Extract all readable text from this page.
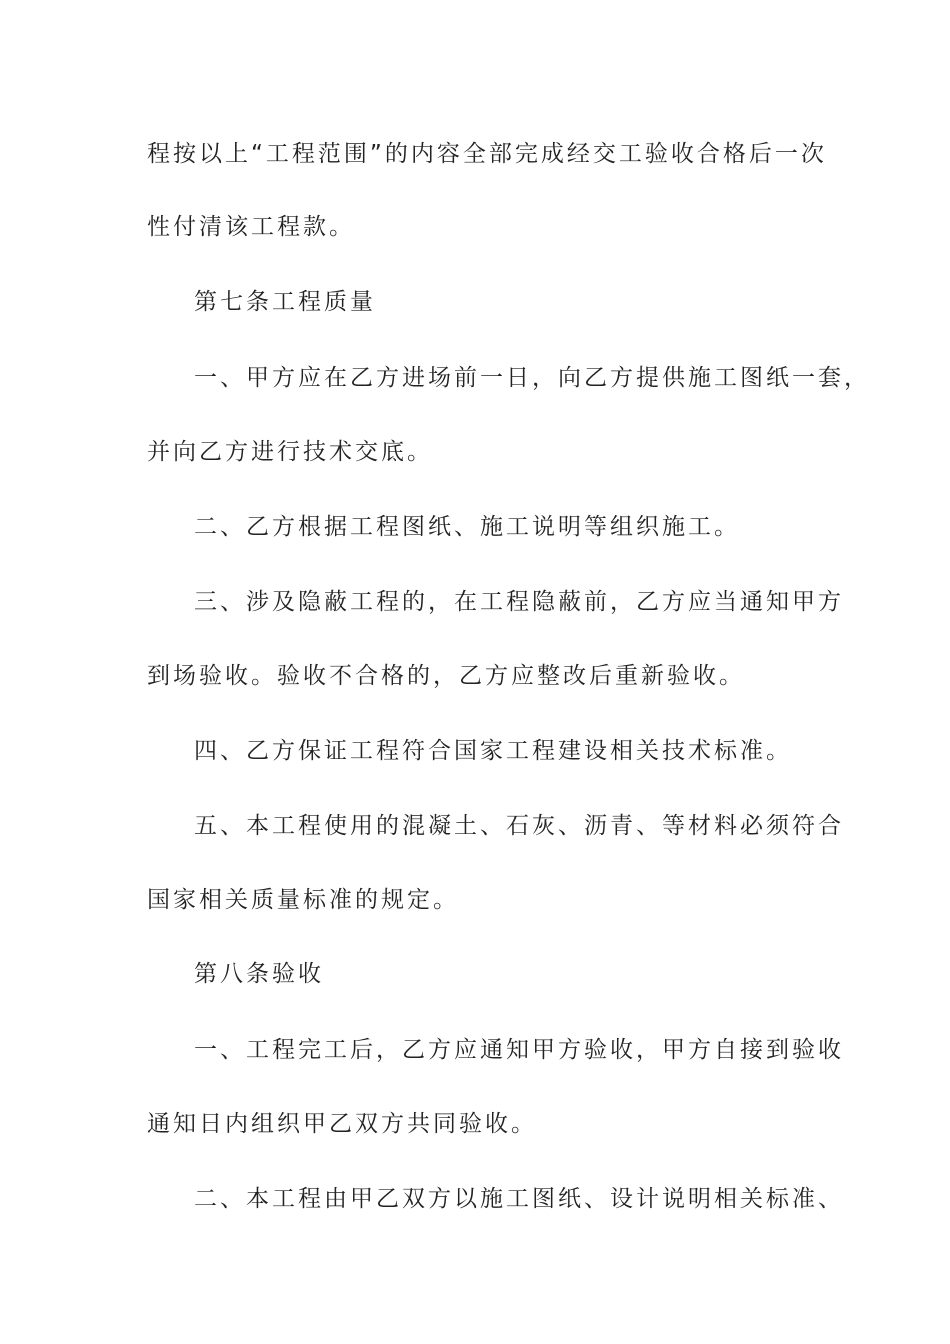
程按以上“工程范围”的内容全部完成经交工验收合格后一次
性付清该工程款。
第七条工程质量
一、甲方应在乙方进场前一日，向乙方提供施工图纸一套，
并向乙方进行技术交底。
二、乙方根据工程图纸、施工说明等组织施工。
三、涉及隐蔽工程的，在工程隐蔽前，乙方应当通知甲方
到场验收。验收不合格的，乙方应整改后重新验收。
四、乙方保证工程符合国家工程建设相关技术标准。
五、本工程使用的混凝土、石灰、沥青、等材料必须符合
国家相关质量标准的规定。
第八条验收
一、工程完工后，乙方应通知甲方验收，甲方自接到验收
通知日内组织甲乙双方共同验收。
二、本工程由甲乙双方以施工图纸、设计说明相关标准、
